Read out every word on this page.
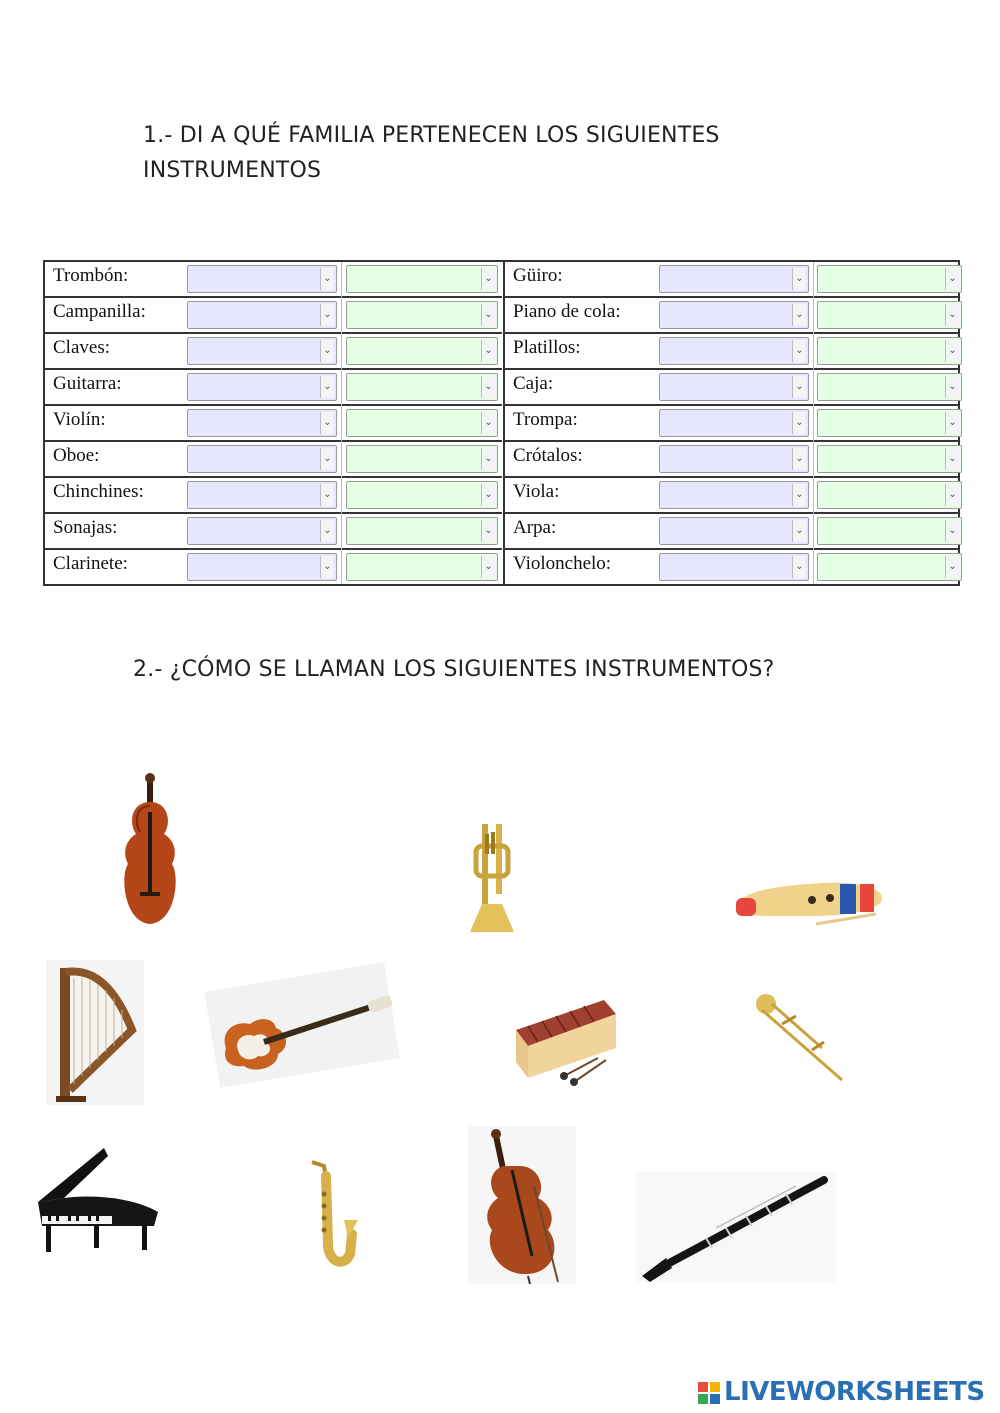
1.- DI A QUÉ FAMILIA PERTENECEN LOS SIGUIENTES
INSTRUMENTOS
Trombón:	⌄	⌄
Campanilla:	⌄	⌄
Claves:	⌄	⌄
Guitarra:	⌄	⌄
Violín:	⌄	⌄
Oboe:	⌄	⌄
Chinchines:	⌄	⌄
Sonajas:	⌄	⌄
Clarinete:	⌄	⌄
Güiro:	⌄	⌄
Piano de cola:	⌄	⌄
Platillos:	⌄	⌄
Caja:	⌄	⌄
Trompa:	⌄	⌄
Crótalos:	⌄	⌄
Viola:	⌄	⌄
Arpa:	⌄	⌄
Violonchelo:	⌄	⌄
2.- ¿CÓMO SE LLAMAN LOS SIGUIENTES INSTRUMENTOS?
LIVEWORKSHEETS
